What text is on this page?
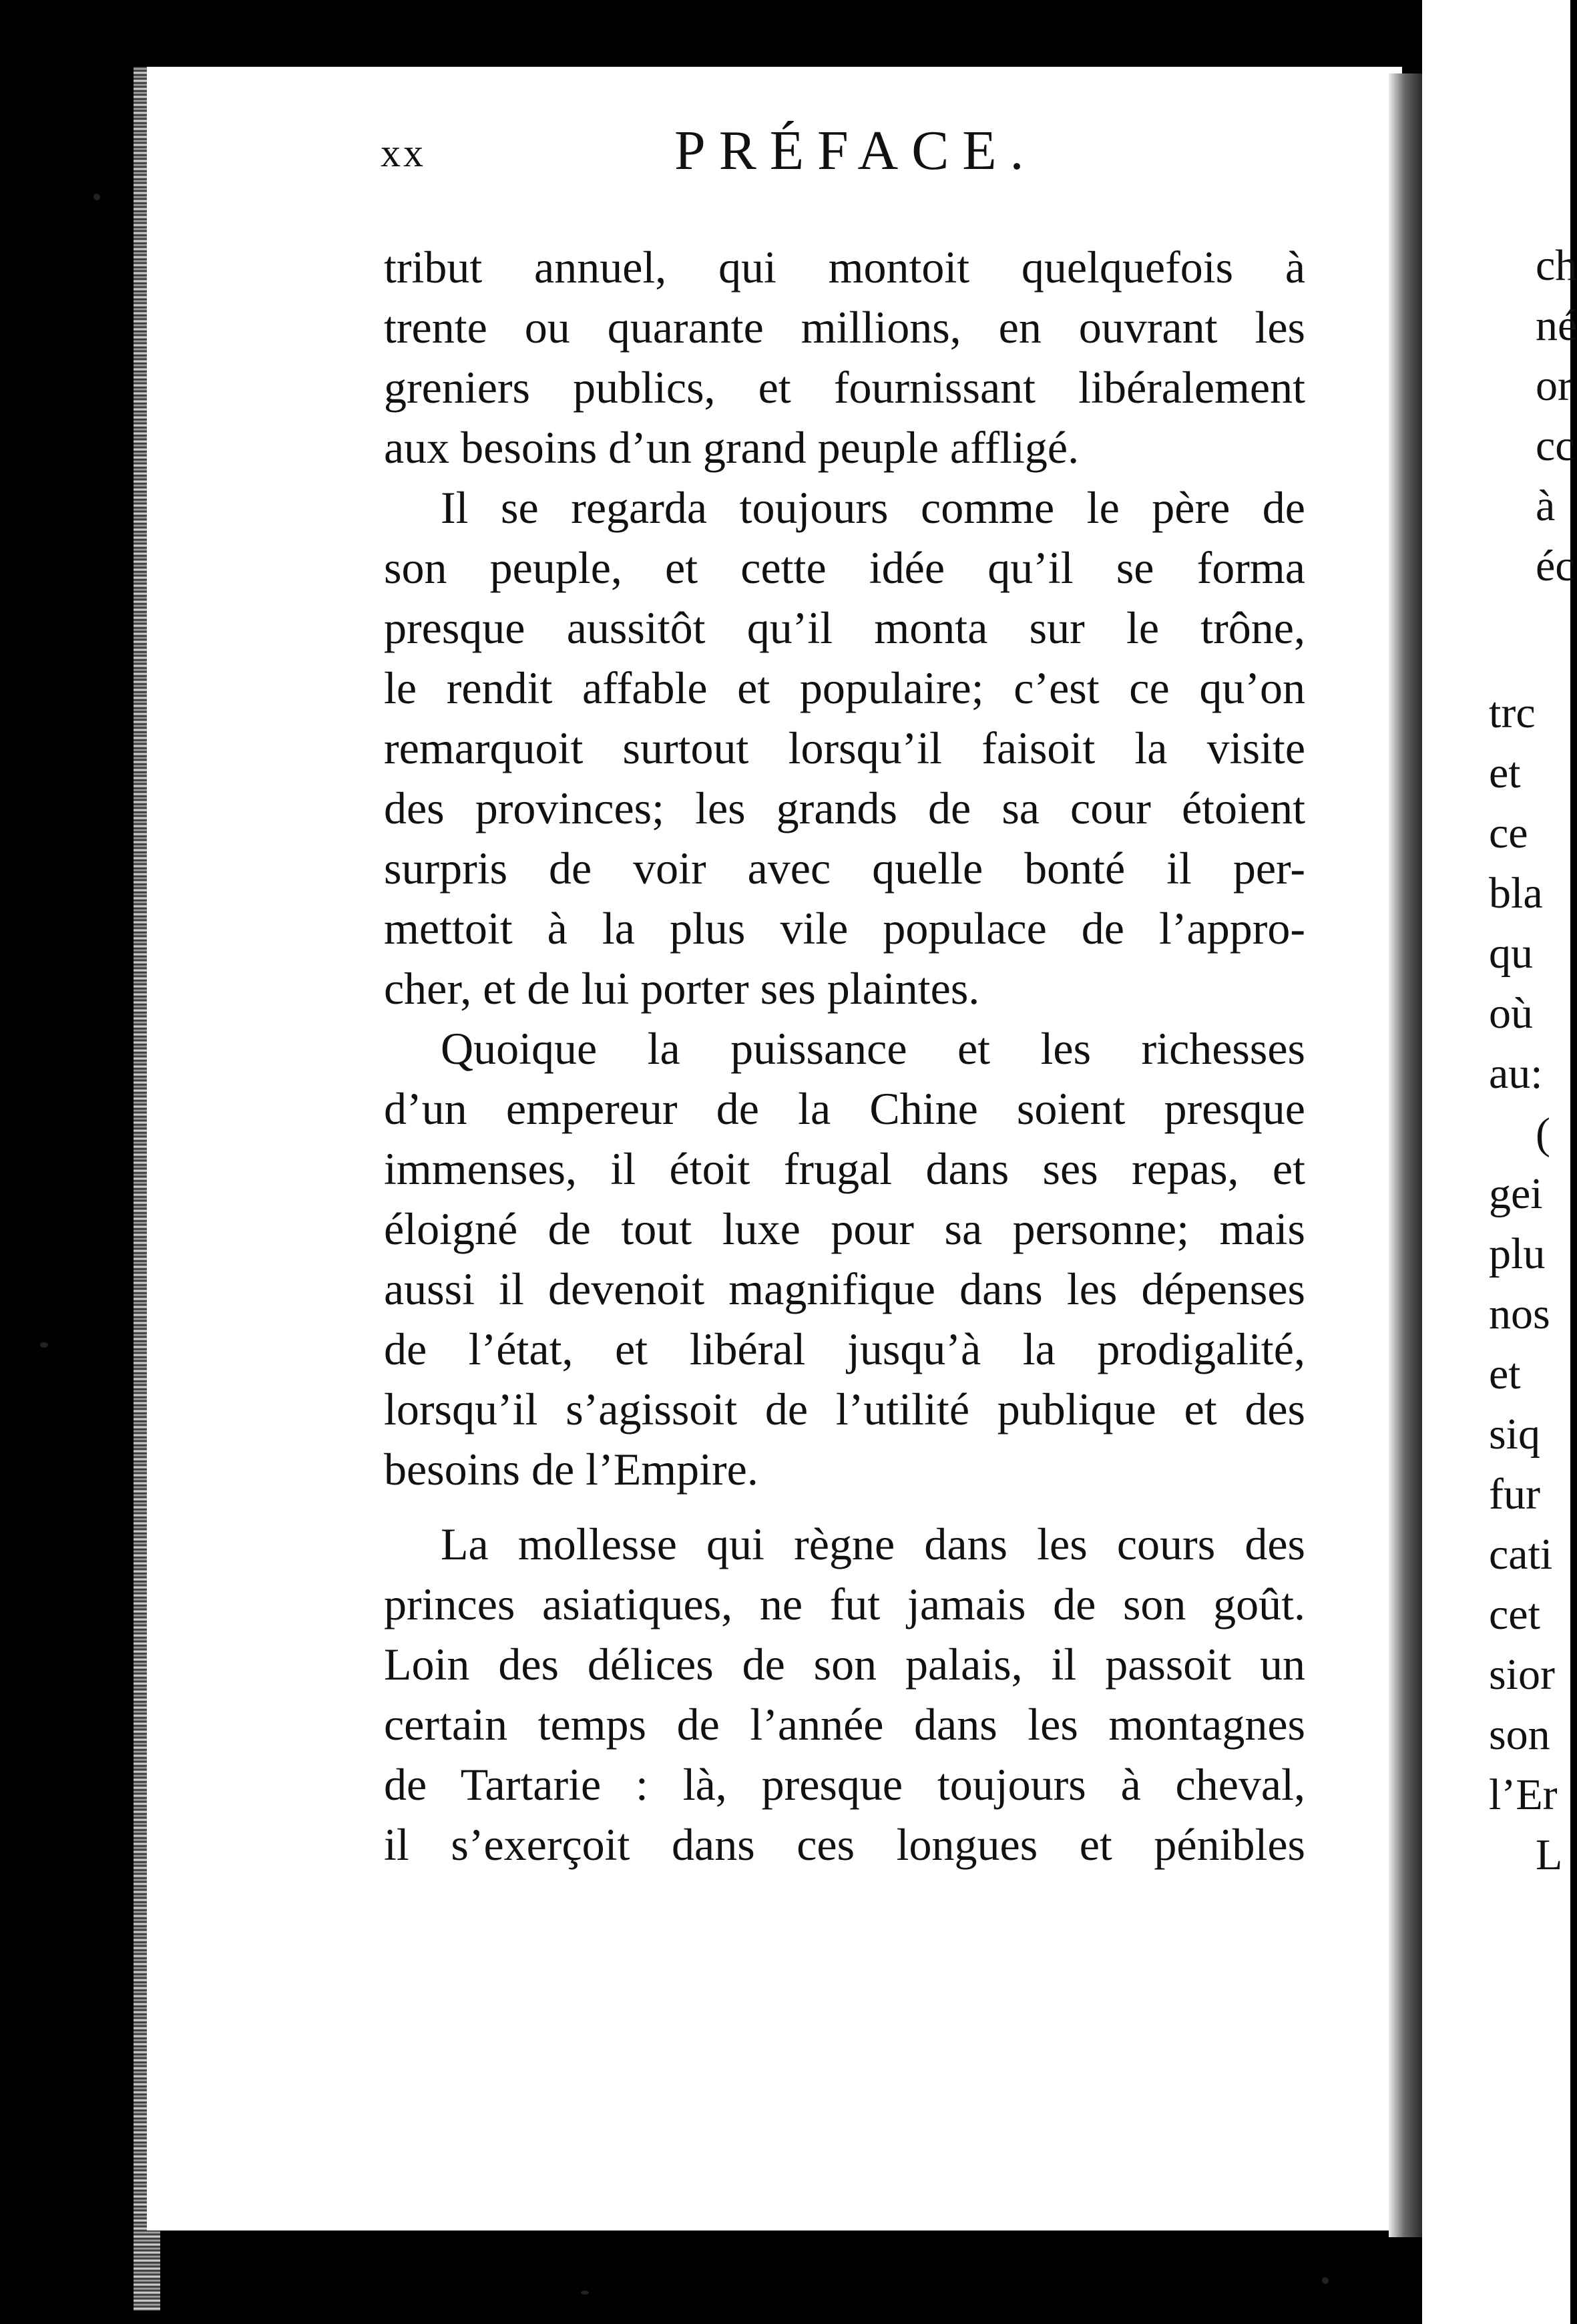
xx	PRÉFACE.
tribut annuel, qui montoit quelquefois à
trente ou quarante millions, en ouvrant les
greniers publics, et fournissant libéralement
aux besoins d’un grand peuple affligé.
Il se regarda toujours comme le père de
son peuple, et cette idée qu’il se forma
presque aussitôt qu’il monta sur le trône,
le rendit affable et populaire; c’est ce qu’on
remarquoit surtout lorsqu’il faisoit la visite
des provinces; les grands de sa cour étoient
surpris de voir avec quelle bonté il per-
mettoit à la plus vile populace de l’appro-
cher, et de lui porter ses plaintes.
Quoique la puissance et les richesses
d’un empereur de la Chine soient presque
immenses, il étoit frugal dans ses repas, et
éloigné de tout luxe pour sa personne; mais
aussi il devenoit magnifique dans les dépenses
de l’état, et libéral jusqu’à la prodigalité,
lorsqu’il s’agissoit de l’utilité publique et des
besoins de l’Empire.
La mollesse qui règne dans les cours des
princes asiatiques, ne fut jamais de son goût.
Loin des délices de son palais, il passoit un
certain temps de l’année dans les montagnes
de Tartarie : là, presque toujours à cheval,
il s’exerçoit dans ces longues et pénibles
ch
né
or
cc
à
éc
trc
et
ce
bla
qu
où
au:
(
gei
plu
nos
et
siq
fur
cati
cet
sior
son
l’Er
L
